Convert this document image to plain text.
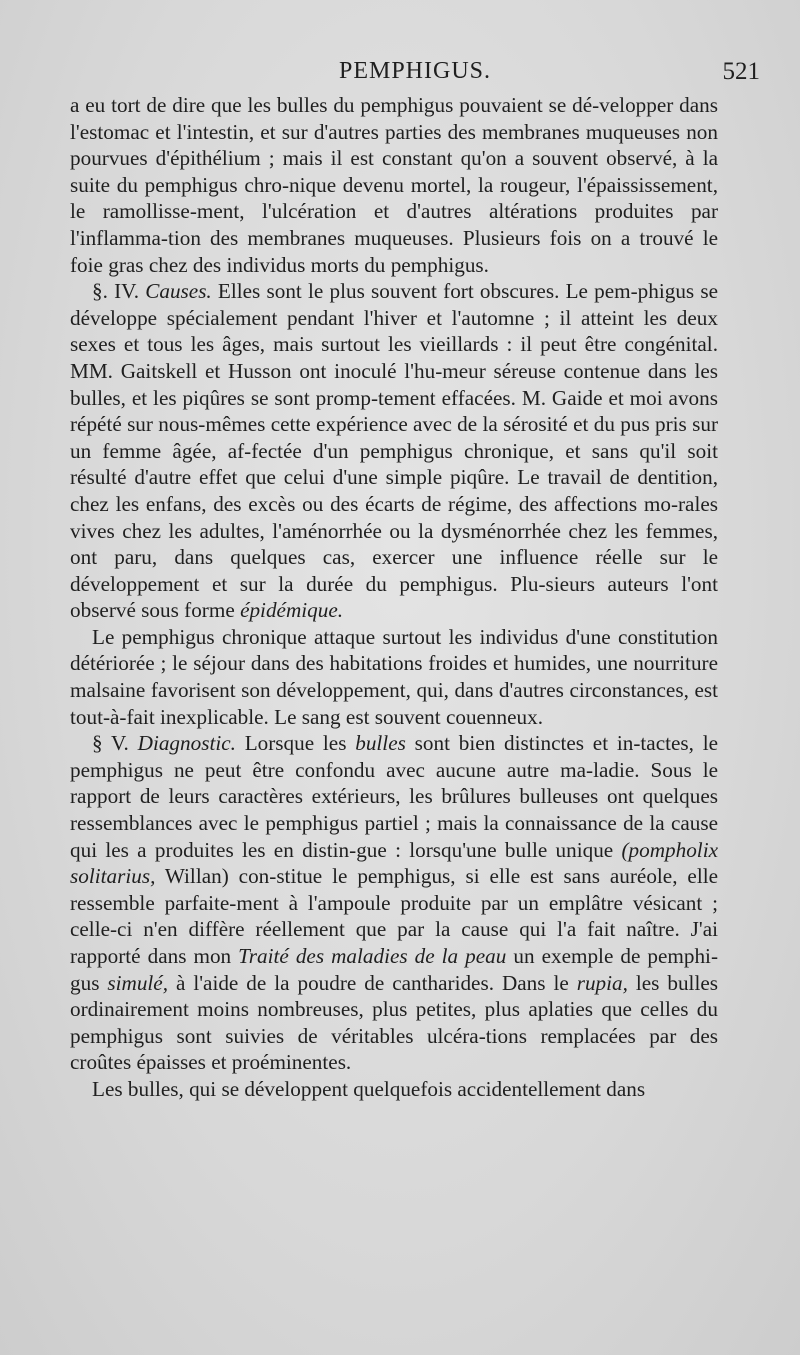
PEMPHIGUS.	521

a eu tort de dire que les bulles du pemphigus pouvaient se dé-velopper dans l'estomac et l'intestin, et sur d'autres parties des membranes muqueuses non pourvues d'épithélium ; mais il est constant qu'on a souvent observé, à la suite du pemphigus chro-nique devenu mortel, la rougeur, l'épaississement, le ramollisse-ment, l'ulcération et d'autres altérations produites par l'inflamma-tion des membranes muqueuses. Plusieurs fois on a trouvé le foie gras chez des individus morts du pemphigus.

§. IV. Causes. Elles sont le plus souvent fort obscures. Le pem-phigus se développe spécialement pendant l'hiver et l'automne ; il atteint les deux sexes et tous les âges, mais surtout les vieillards : il peut être congénital. MM. Gaitskell et Husson ont inoculé l'hu-meur séreuse contenue dans les bulles, et les piqûres se sont promp-tement effacées. M. Gaide et moi avons répété sur nous-mêmes cette expérience avec de la sérosité et du pus pris sur un femme âgée, af-fectée d'un pemphigus chronique, et sans qu'il soit résulté d'autre effet que celui d'une simple piqûre. Le travail de dentition, chez les enfans, des excès ou des écarts de régime, des affections mo-rales vives chez les adultes, l'aménorrhée ou la dysménorrhée chez les femmes, ont paru, dans quelques cas, exercer une influence réelle sur le développement et sur la durée du pemphigus. Plu-sieurs auteurs l'ont observé sous forme épidémique.

Le pemphigus chronique attaque surtout les individus d'une constitution détériorée ; le séjour dans des habitations froides et humides, une nourriture malsaine favorisent son développement, qui, dans d'autres circonstances, est tout-à-fait inexplicable. Le sang est souvent couenneux.

§ V. Diagnostic. Lorsque les bulles sont bien distinctes et in-tactes, le pemphigus ne peut être confondu avec aucune autre ma-ladie. Sous le rapport de leurs caractères extérieurs, les brûlures bulleuses ont quelques ressemblances avec le pemphigus partiel ; mais la connaissance de la cause qui les a produites les en distin-gue : lorsqu'une bulle unique (pompholix solitarius, Willan) con-stitue le pemphigus, si elle est sans auréole, elle ressemble parfaite-ment à l'ampoule produite par un emplâtre vésicant ; celle-ci n'en diffère réellement que par la cause qui l'a fait naître. J'ai rapporté dans mon Traité des maladies de la peau un exemple de pemphi-gus simulé, à l'aide de la poudre de cantharides. Dans le rupia, les bulles ordinairement moins nombreuses, plus petites, plus aplaties que celles du pemphigus sont suivies de véritables ulcéra-tions remplacées par des croûtes épaisses et proéminentes.

Les bulles, qui se développent quelquefois accidentellement dans
